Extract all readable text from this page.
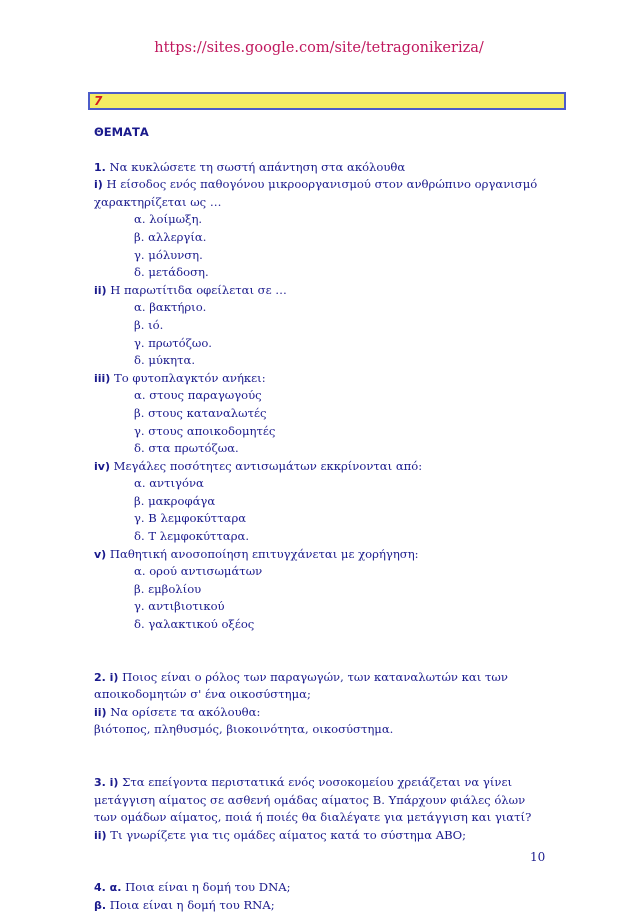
https://sites.google.com/site/tetragonikeriza/
7
ΘΕΜΑΤΑ
1. Να κυκλώσετε τη σωστή απάντηση στα ακόλουθα
i) Η είσοδος ενός παθογόνου μικροοργανισμού στον ανθρώπινο οργανισμό
χαρακτηρίζεται ως …
α. λοίμωξη.
β. αλλεργία.
γ. μόλυνση.
δ. μετάδοση.
ii) Η παρωτίτιδα οφείλεται σε …
α. βακτήριο.
β. ιό.
γ. πρωτόζωο.
δ. μύκητα.
iii) Το φυτοπλαγκτόν ανήκει:
α. στους παραγωγούς
β. στους καταναλωτές
γ. στους αποικοδομητές
δ. στα πρωτόζωα.
iv) Μεγάλες ποσότητες αντισωμάτων εκκρίνονται από:
α. αντιγόνα
β. μακροφάγα
γ. Β λεμφοκύτταρα
δ. Τ λεμφοκύτταρα.
v) Παθητική ανοσοποίηση επιτυγχάνεται με χορήγηση:
α. ορού αντισωμάτων
β. εμβολίου
γ. αντιβιοτικού
δ. γαλακτικού οξέος
2. i) Ποιος είναι ο ρόλος των παραγωγών, των καταναλωτών και των
αποικοδομητών σ' ένα οικοσύστημα;
ii) Να ορίσετε τα ακόλουθα:
βιότοπος, πληθυσμός, βιοκοινότητα, οικοσύστημα.
3. i) Στα επείγοντα περιστατικά ενός νοσοκομείου χρειάζεται να γίνει
μετάγγιση αίματος σε ασθενή ομάδας αίματος Β. Υπάρχουν φιάλες όλων
των ομάδων αίματος, ποιά ή ποιές θα διαλέγατε για μετάγγιση και γιατί?
ii) Τι γνωρίζετε για τις ομάδες αίματος κατά το σύστημα ΑΒΟ;
4. α. Ποια είναι η δομή του DNA;
β. Ποια είναι η δομή του RNA;
10
